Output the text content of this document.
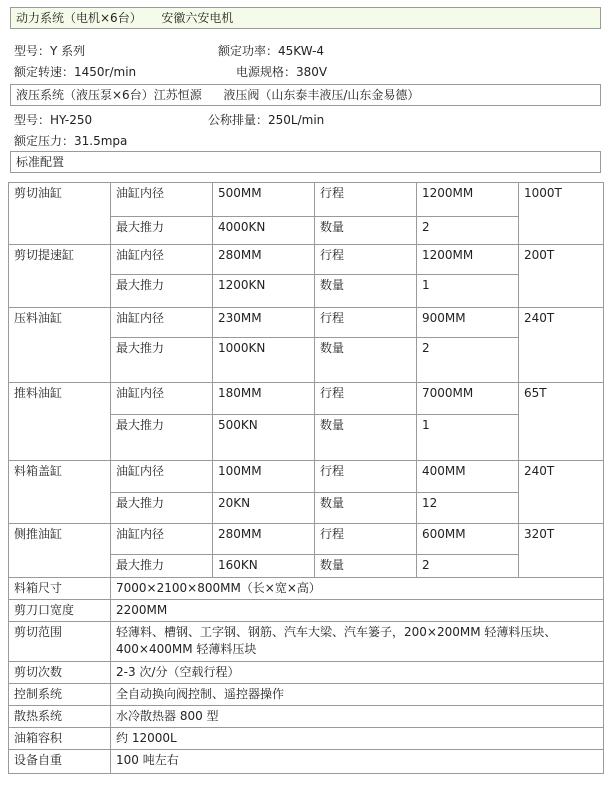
动力系统（电机×6台） 安徽六安电机
型号：Y 系列	额定功率：45KW-4
额定转速：1450r/min	电源规格：380V
液压系统（液压泵×6台）江苏恒源 液压阀（山东泰丰液压/山东金易德）
型号：HY-250	公称排量：250L/min
额定压力：31.5mpa
标准配置
剪切油缸	油缸内径	500MM	行程	1200MM	1000T
	最大推力	4000KN	数量	2	
剪切提速缸	油缸内径	280MM	行程	1200MM	200T
	最大推力	1200KN	数量	1	
压料油缸	油缸内径	230MM	行程	900MM	240T
	最大推力	1000KN	数量	2	
推料油缸	油缸内径	180MM	行程	7000MM	65T
	最大推力	500KN	数量	1	
料箱盖缸	油缸内径	100MM	行程	400MM	240T
	最大推力	20KN	数量	12	
侧推油缸	油缸内径	280MM	行程	600MM	320T
	最大推力	160KN	数量	2	
料箱尺寸	7000×2100×800MM（长×宽×高）				
剪刀口宽度	2200MM				
剪切范围	轻薄料、槽钢、工字钢、钢筋、汽车大梁、汽车篓子，200×200MM 轻薄料压块、400×400MM 轻薄料压块				
剪切次数	2-3 次/分（空载行程）				
控制系统	全自动换向阀控制、遥控器操作				
散热系统	水冷散热器 800 型				
油箱容积	约 12000L				
设备自重	100 吨左右				
